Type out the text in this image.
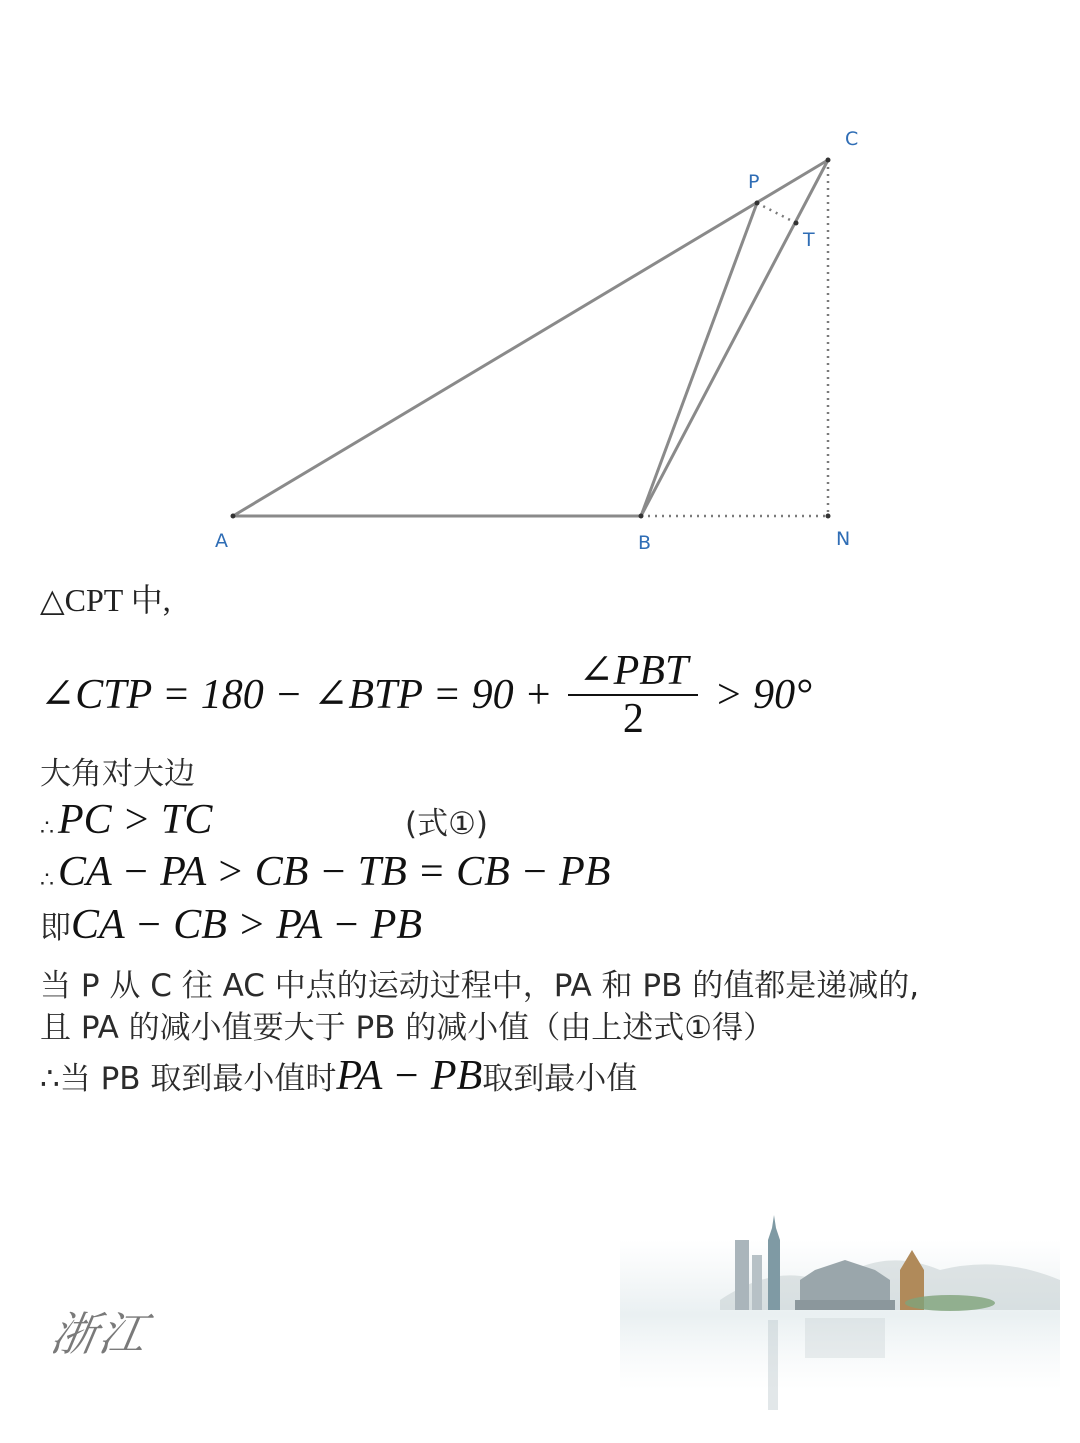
A	B
C
N
P
T
△CPT 中,
∠CTP = 180 − ∠BTP = $90 + \frac{\text{∠PBT}}{2} > 90^\circ$
大角对大边
∴PC > TC	(式①)
∴CA − PA > CB − TB = CB − PB
即CA − CB > PA − PB
当 P 从 C 往 AC 中点的运动过程中，PA 和 PB 的值都是递减的,
且 PA 的减小值要大于 PB 的减小值（由上述式①得）
∴当 PB 取到最小值时PA − PB取到最小值
浙江
